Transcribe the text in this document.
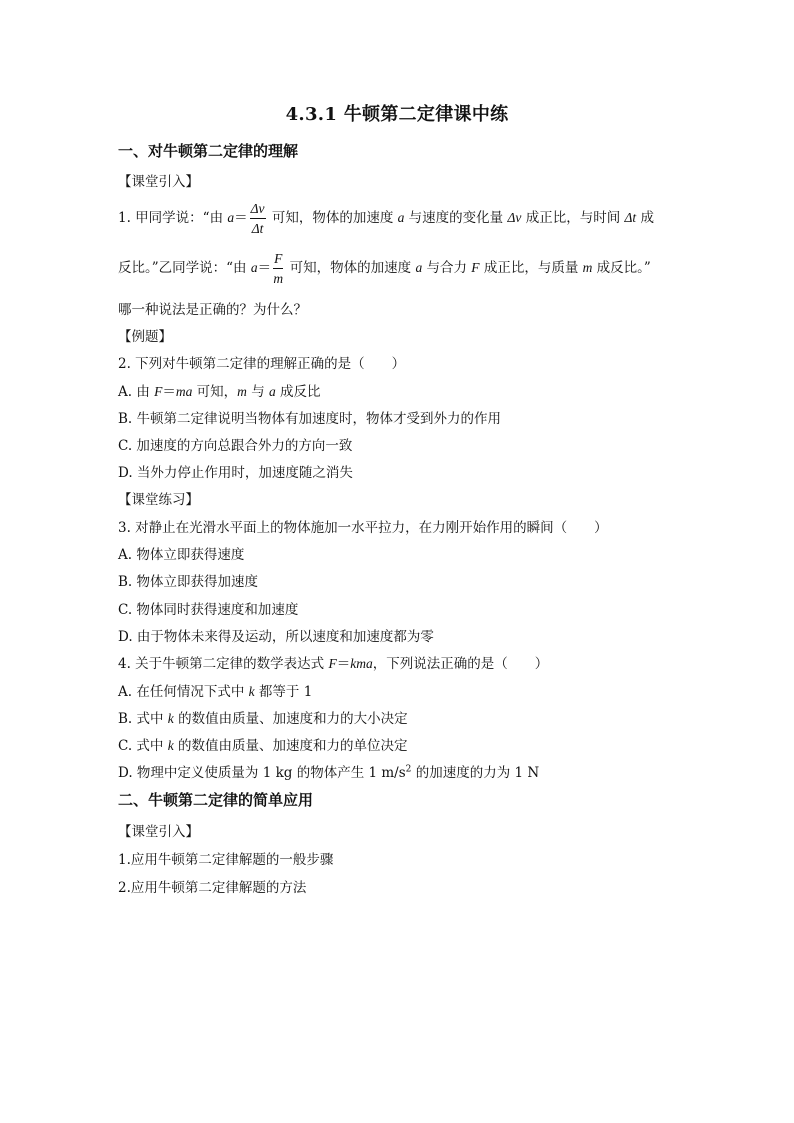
4.3.1 牛顿第二定律课中练
一、对牛顿第二定律的理解
【课堂引入】
1. 甲同学说：“由 $a= \frac{\Delta v}{\Delta t}$ 可知，物体的加速度 a 与速度的变化量 Δv 成正比，与时间 Δt 成
反比。”乙同学说：“由 $a= \frac{F}{m}$ 可知，物体的加速度 a 与合力 F 成正比，与质量 m 成反比。”
哪一种说法是正确的？为什么？
【例题】
2. 下列对牛顿第二定律的理解正确的是（　　）
A. 由 F＝ma 可知，m 与 a 成反比
B. 牛顿第二定律说明当物体有加速度时，物体才受到外力的作用
C. 加速度的方向总跟合外力的方向一致
D. 当外力停止作用时，加速度随之消失
【课堂练习】
3. 对静止在光滑水平面上的物体施加一水平拉力，在力刚开始作用的瞬间（　　）
A. 物体立即获得速度
B. 物体立即获得加速度
C. 物体同时获得速度和加速度
D. 由于物体未来得及运动，所以速度和加速度都为零
4. 关于牛顿第二定律的数学表达式 F＝kma，下列说法正确的是（　　）
A. 在任何情况下式中 k 都等于 1
B. 式中 k 的数值由质量、加速度和力的大小决定
C. 式中 k 的数值由质量、加速度和力的单位决定
D. 物理中定义使质量为 1 kg 的物体产生 1 $m/s^2$ 的加速度的力为 1 N
二、牛顿第二定律的简单应用
【课堂引入】
1.应用牛顿第二定律解题的一般步骤
2.应用牛顿第二定律解题的方法
